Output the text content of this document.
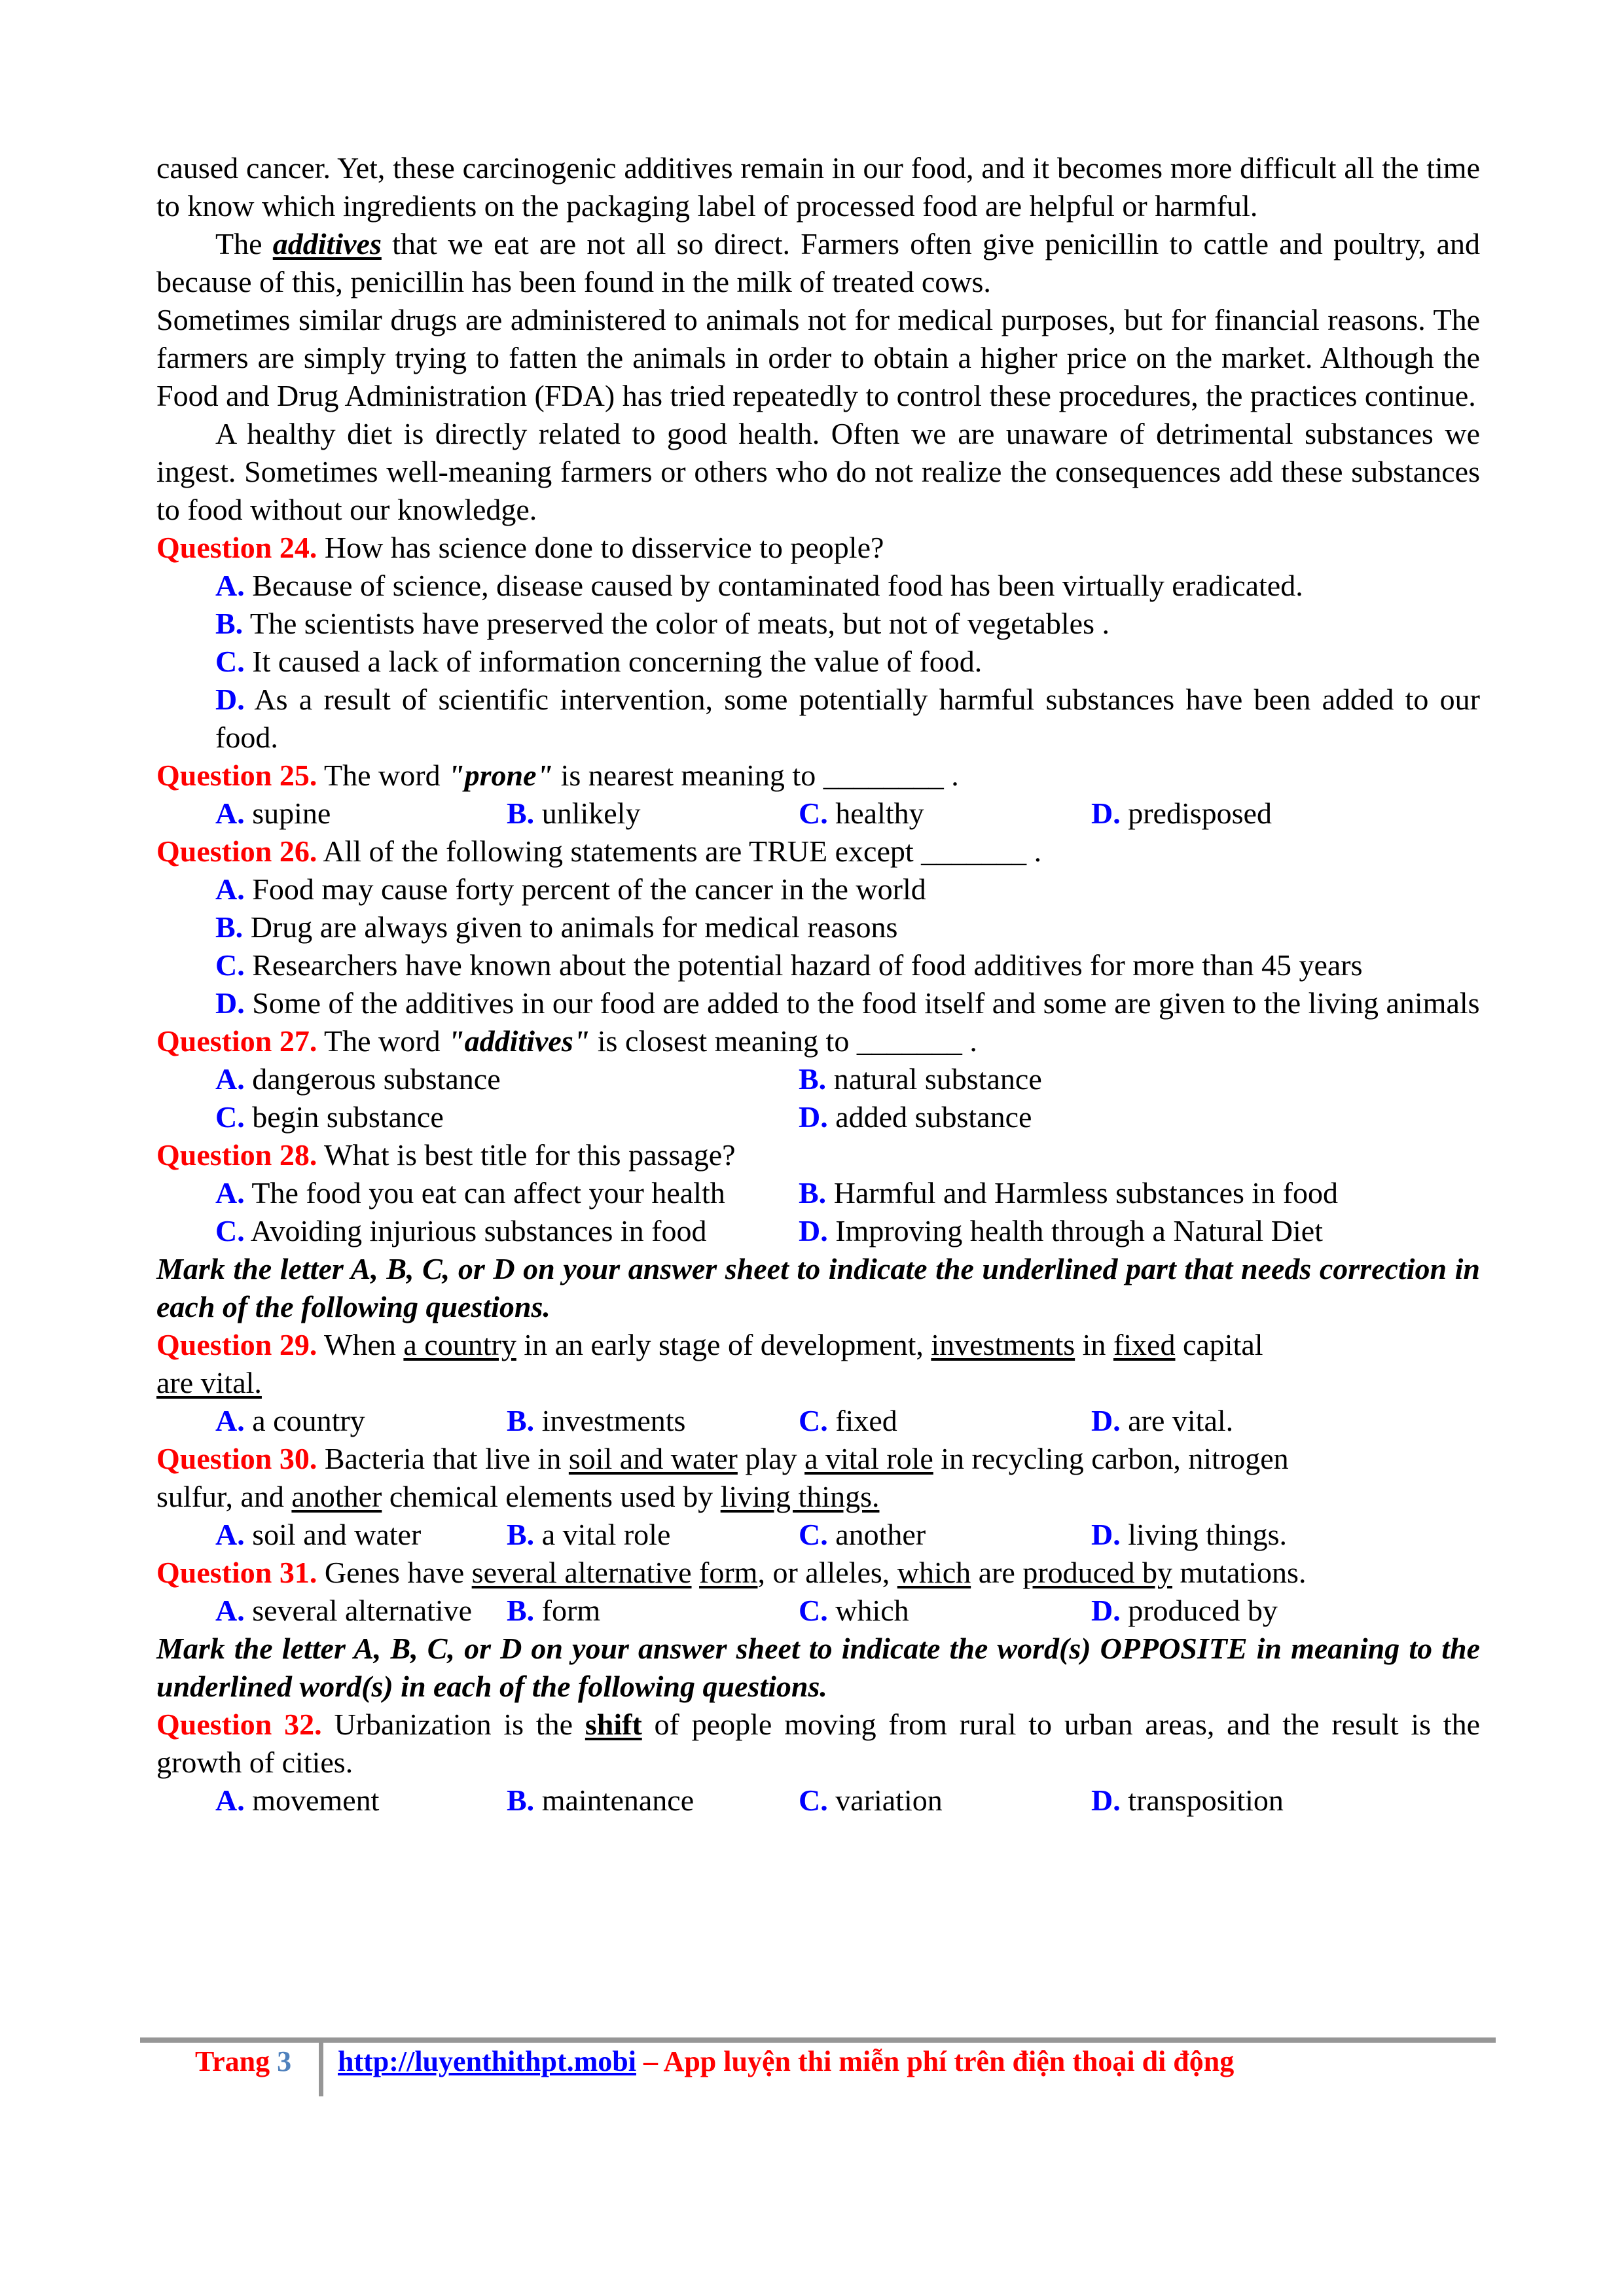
caused cancer. Yet, these carcinogenic additives remain in our food, and it becomes more difficult all the time to know which ingredients on the packaging label of processed food are helpful or harmful.
The additives that we eat are not all so direct. Farmers often give penicillin to cattle and poultry, and because of this, penicillin has been found in the milk of treated cows.
Sometimes similar drugs are administered to animals not for medical purposes, but for financial reasons. The farmers are simply trying to fatten the animals in order to obtain a higher price on the market. Although the Food and Drug Administration (FDA) has tried repeatedly to control these procedures, the practices continue.
A healthy diet is directly related to good health. Often we are unaware of detrimental substances we ingest. Sometimes well-meaning farmers or others who do not realize the consequences add these substances to food without our knowledge.
Question 24. How has science done to disservice to people?
A. Because of science, disease caused by contaminated food has been virtually eradicated.
B. The scientists have preserved the color of meats, but not of vegetables .
C. It caused a lack of information concerning the value of food.
D. As a result of scientific intervention, some potentially harmful substances have been added to our food.
Question 25. The word "prone" is nearest meaning to ________ .
A. supine	B. unlikely	C. healthy	D. predisposed
Question 26. All of the following statements are TRUE except _______ .
A. Food may cause forty percent of the cancer in the world
B. Drug are always given to animals for medical reasons
C. Researchers have known about the potential hazard of food additives for more than 45 years
D. Some of the additives in our food are added to the food itself and some are given to the living animals
Question 27. The word "additives" is closest meaning to _______ .
A. dangerous substance	B. natural substance
C. begin substance	D. added substance
Question 28. What is best title for this passage?
A. The food you eat can affect your health	B. Harmful and Harmless substances in food
C. Avoiding injurious substances in food	D. Improving health through a Natural Diet
Mark the letter A, B, C, or D on your answer sheet to indicate the underlined part that needs correction in each of the following questions.
Question 29. When a country in an early stage of development, investments in fixed capital
are vital.
A. a country	B. investments	C. fixed	D. are vital.
Question 30. Bacteria that live in soil and water play a vital role in recycling carbon, nitrogen
sulfur, and another chemical elements used by living things.
A. soil and water	B. a vital role	C. another	D. living things.
Question 31. Genes have several alternative form, or alleles, which are produced by mutations.
A. several alternative	B. form	C. which	D. produced by
Mark the letter A, B, C, or D on your answer sheet to indicate the word(s) OPPOSITE in meaning to the underlined word(s) in each of the following questions.
Question 32. Urbanization is the shift of people moving from rural to urban areas, and the result is the growth of cities.
A. movement	B. maintenance	C. variation	D. transposition
Trang 3 http://luyenthithpt.mobi – App luyện thi miễn phí trên điện thoại di động
